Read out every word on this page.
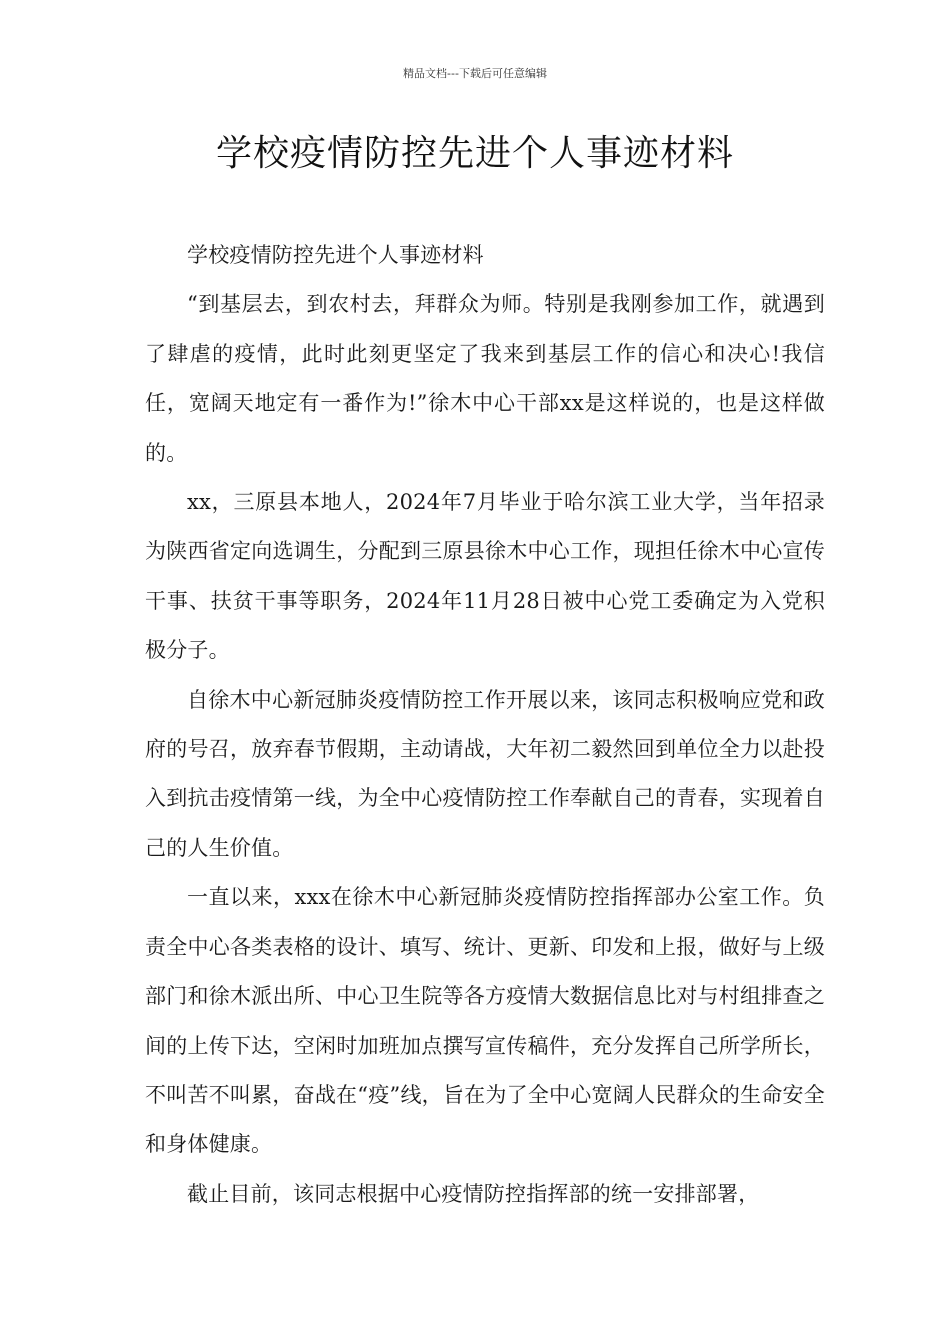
精品文档---下载后可任意编辑
学校疫情防控先进个人事迹材料

学校疫情防控先进个人事迹材料

“到基层去，到农村去，拜群众为师。特别是我刚参加工作，就遇到了肆虐的疫情，此时此刻更坚定了我来到基层工作的信心和决心!我信任，宽阔天地定有一番作为!”徐木中心干部xx是这样说的，也是这样做的。

xx，三原县本地人，2024年7月毕业于哈尔滨工业大学，当年招录为陕西省定向选调生，分配到三原县徐木中心工作，现担任徐木中心宣传干事、扶贫干事等职务，2024年11月28日被中心党工委确定为入党积极分子。

自徐木中心新冠肺炎疫情防控工作开展以来，该同志积极响应党和政府的号召，放弃春节假期，主动请战，大年初二毅然回到单位全力以赴投入到抗击疫情第一线，为全中心疫情防控工作奉献自己的青春，实现着自己的人生价值。

一直以来，xxx在徐木中心新冠肺炎疫情防控指挥部办公室工作。负责全中心各类表格的设计、填写、统计、更新、印发和上报，做好与上级部门和徐木派出所、中心卫生院等各方疫情大数据信息比对与村组排查之间的上传下达，空闲时加班加点撰写宣传稿件，充分发挥自己所学所长，不叫苦不叫累，奋战在“疫”线，旨在为了全中心宽阔人民群众的生命安全和身体健康。

截止目前，该同志根据中心疫情防控指挥部的统一安排部署，
